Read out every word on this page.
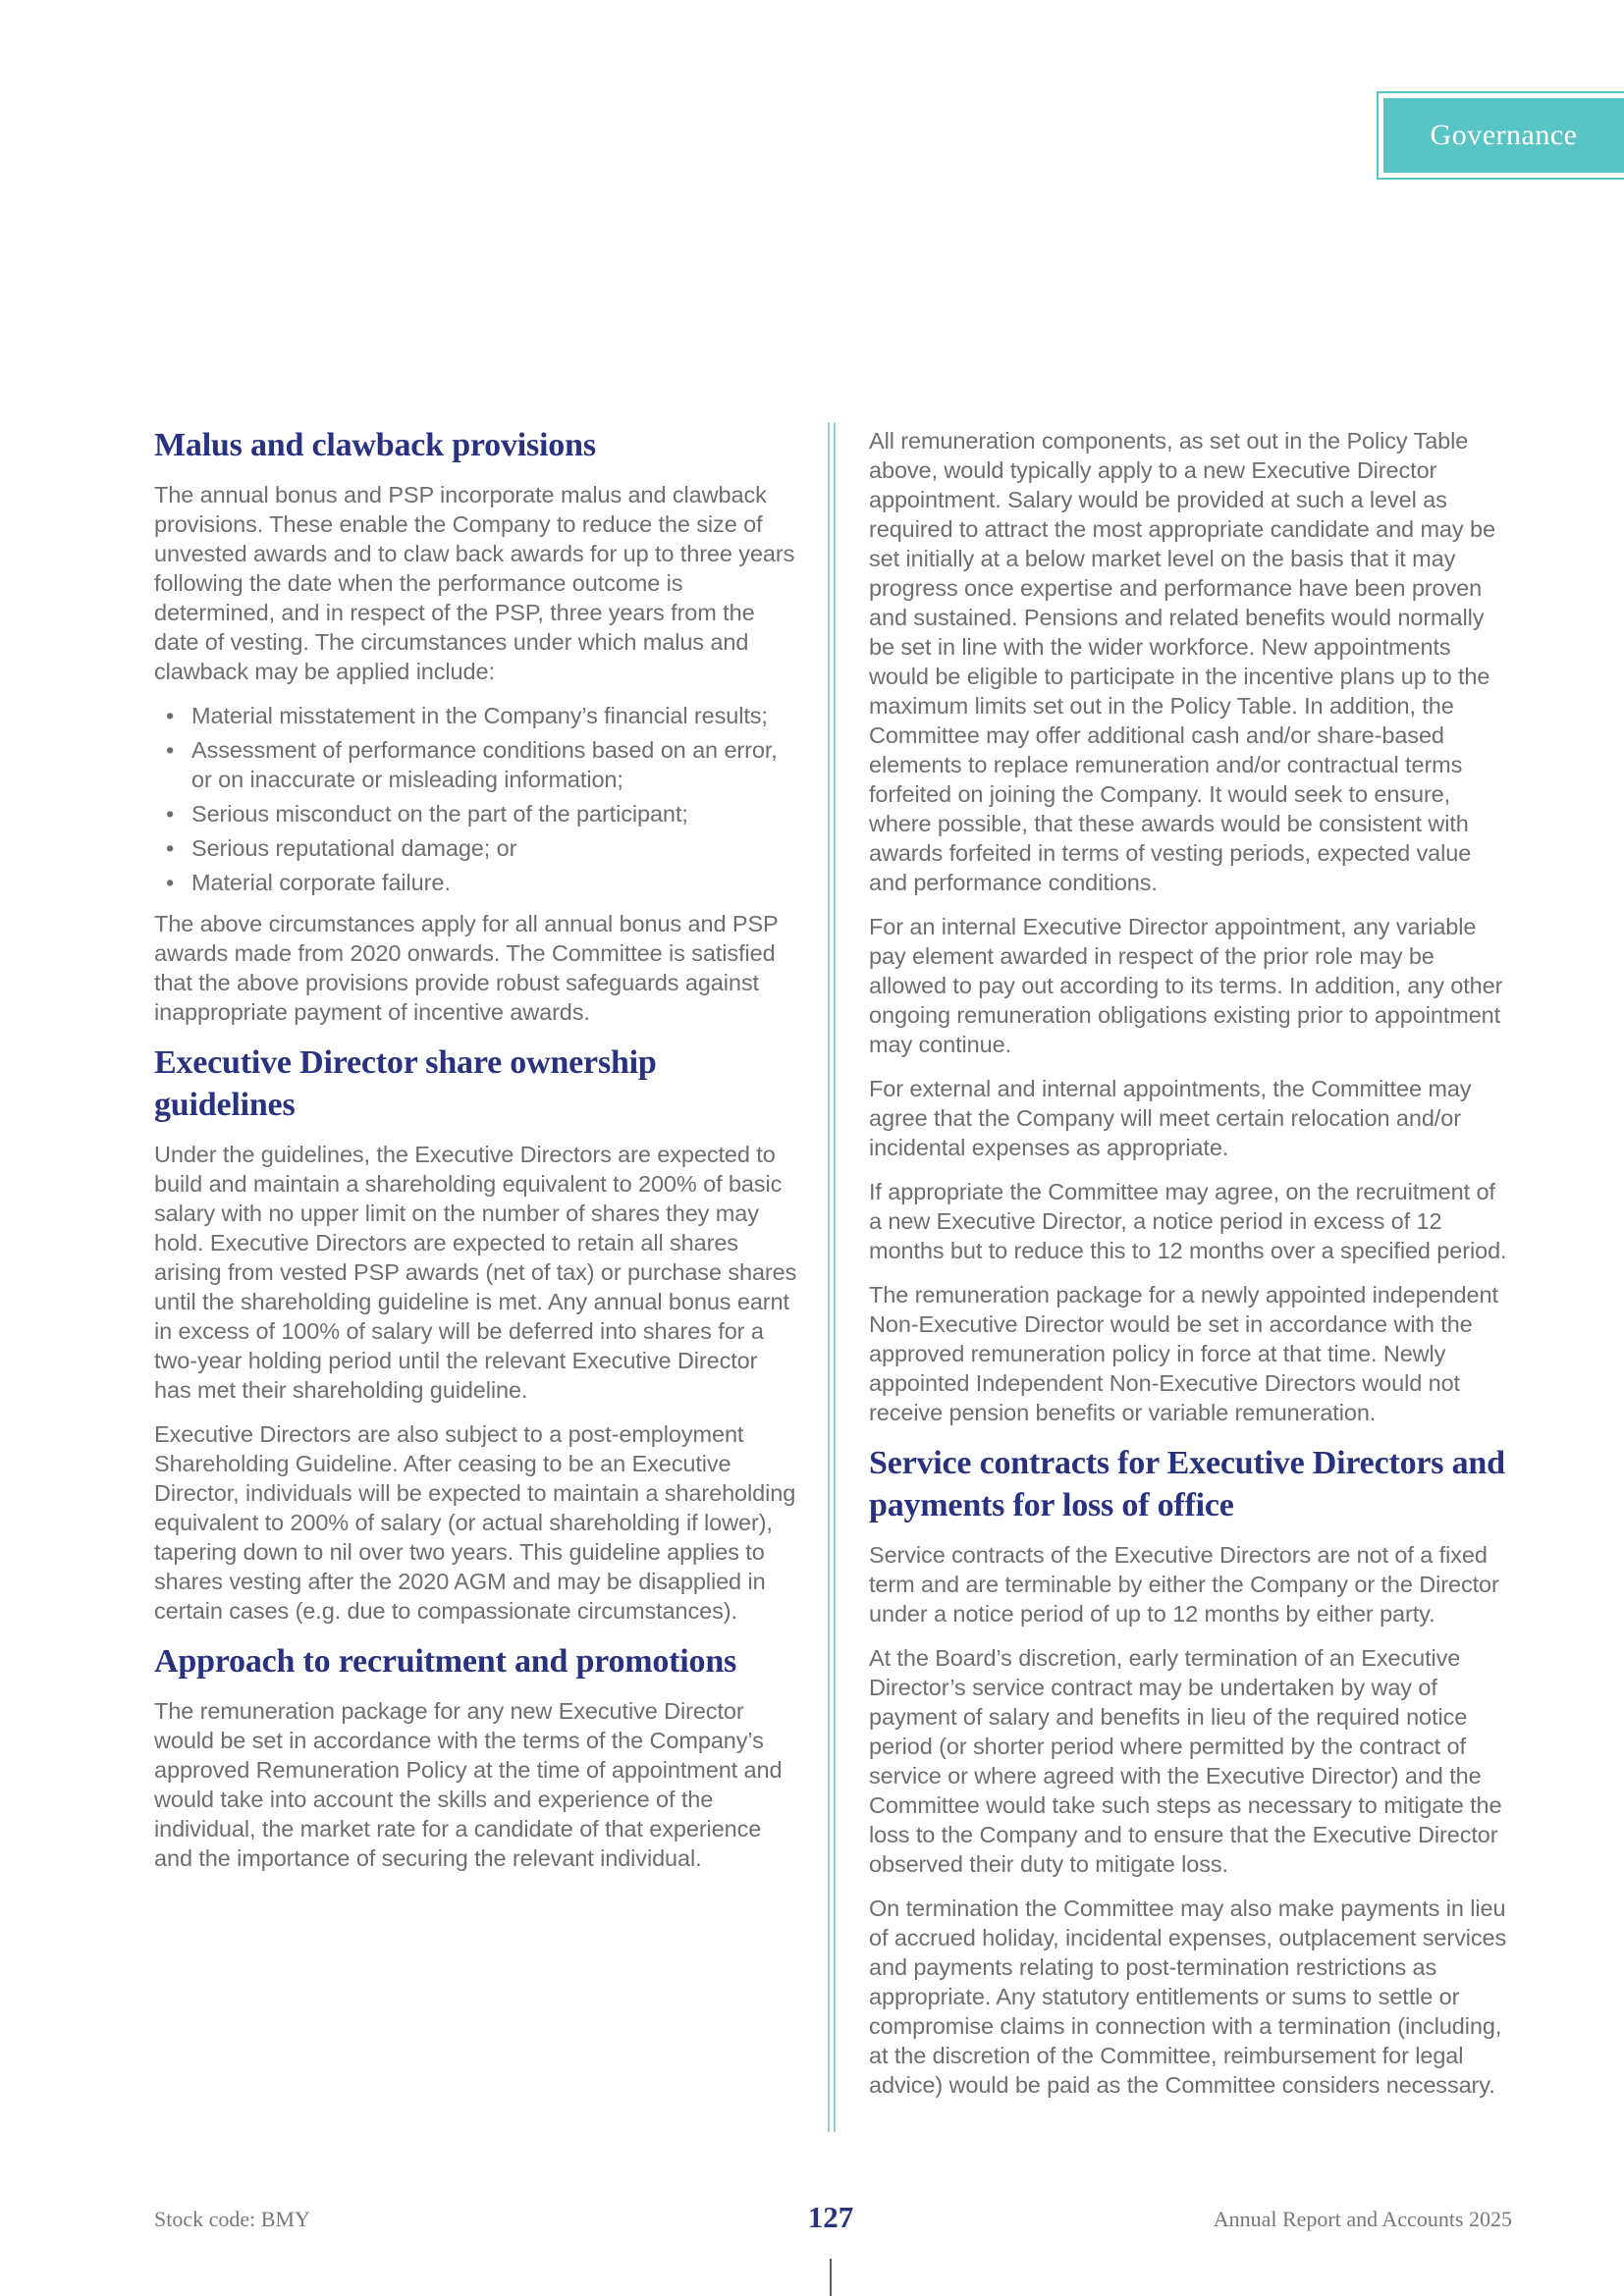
Governance
Malus and clawback provisions

The annual bonus and PSP incorporate malus and clawback provisions. These enable the Company to reduce the size of unvested awards and to claw back awards for up to three years following the date when the performance outcome is determined, and in respect of the PSP, three years from the date of vesting. The circumstances under which malus and clawback may be applied include:

• Material misstatement in the Company’s financial results;
• Assessment of performance conditions based on an error, or on inaccurate or misleading information;
• Serious misconduct on the part of the participant;
• Serious reputational damage; or
• Material corporate failure.

The above circumstances apply for all annual bonus and PSP awards made from 2020 onwards. The Committee is satisfied that the above provisions provide robust safeguards against inappropriate payment of incentive awards.

Executive Director share ownership guidelines

Under the guidelines, the Executive Directors are expected to build and maintain a shareholding equivalent to 200% of basic salary with no upper limit on the number of shares they may hold. Executive Directors are expected to retain all shares arising from vested PSP awards (net of tax) or purchase shares until the shareholding guideline is met. Any annual bonus earnt in excess of 100% of salary will be deferred into shares for a two-year holding period until the relevant Executive Director has met their shareholding guideline.

Executive Directors are also subject to a post-employment Shareholding Guideline. After ceasing to be an Executive Director, individuals will be expected to maintain a shareholding equivalent to 200% of salary (or actual shareholding if lower), tapering down to nil over two years. This guideline applies to shares vesting after the 2020 AGM and may be disapplied in certain cases (e.g. due to compassionate circumstances).

Approach to recruitment and promotions

The remuneration package for any new Executive Director would be set in accordance with the terms of the Company’s approved Remuneration Policy at the time of appointment and would take into account the skills and experience of the individual, the market rate for a candidate of that experience and the importance of securing the relevant individual.

All remuneration components, as set out in the Policy Table above, would typically apply to a new Executive Director appointment. Salary would be provided at such a level as required to attract the most appropriate candidate and may be set initially at a below market level on the basis that it may progress once expertise and performance have been proven and sustained. Pensions and related benefits would normally be set in line with the wider workforce. New appointments would be eligible to participate in the incentive plans up to the maximum limits set out in the Policy Table. In addition, the Committee may offer additional cash and/or share-based elements to replace remuneration and/or contractual terms forfeited on joining the Company. It would seek to ensure, where possible, that these awards would be consistent with awards forfeited in terms of vesting periods, expected value and performance conditions.

For an internal Executive Director appointment, any variable pay element awarded in respect of the prior role may be allowed to pay out according to its terms. In addition, any other ongoing remuneration obligations existing prior to appointment may continue.

For external and internal appointments, the Committee may agree that the Company will meet certain relocation and/or incidental expenses as appropriate.

If appropriate the Committee may agree, on the recruitment of a new Executive Director, a notice period in excess of 12 months but to reduce this to 12 months over a specified period.

The remuneration package for a newly appointed independent Non-Executive Director would be set in accordance with the approved remuneration policy in force at that time. Newly appointed Independent Non-Executive Directors would not receive pension benefits or variable remuneration.

Service contracts for Executive Directors and payments for loss of office

Service contracts of the Executive Directors are not of a fixed term and are terminable by either the Company or the Director under a notice period of up to 12 months by either party.

At the Board’s discretion, early termination of an Executive Director’s service contract may be undertaken by way of payment of salary and benefits in lieu of the required notice period (or shorter period where permitted by the contract of service or where agreed with the Executive Director) and the Committee would take such steps as necessary to mitigate the loss to the Company and to ensure that the Executive Director observed their duty to mitigate loss.

On termination the Committee may also make payments in lieu of accrued holiday, incidental expenses, outplacement services and payments relating to post-termination restrictions as appropriate. Any statutory entitlements or sums to settle or compromise claims in connection with a termination (including, at the discretion of the Committee, reimbursement for legal advice) would be paid as the Committee considers necessary.

Stock code: BMY	127	Annual Report and Accounts 2025
